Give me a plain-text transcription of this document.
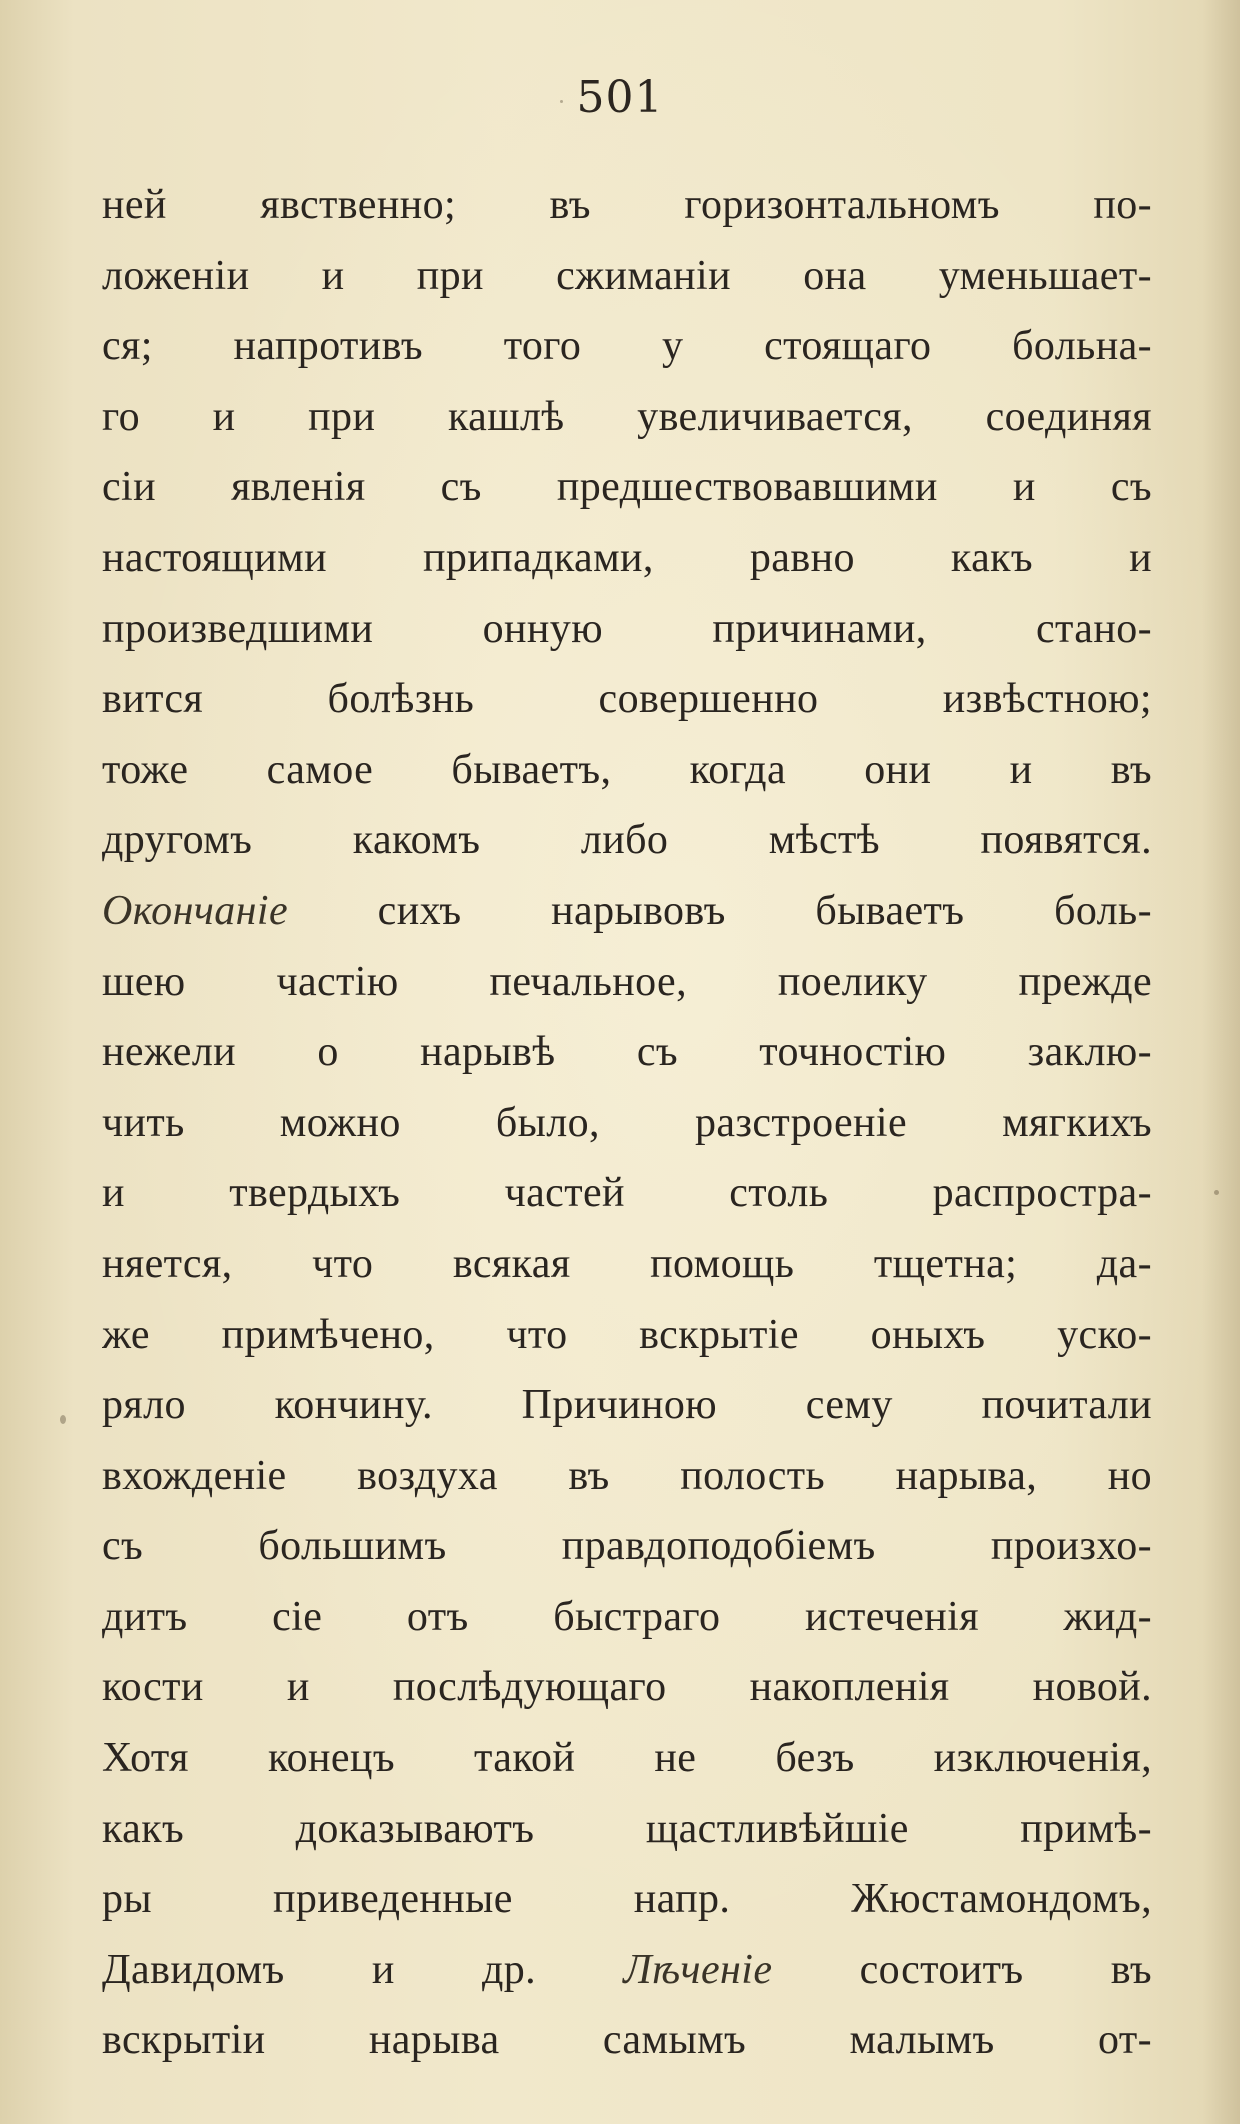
501
ней явственно; въ горизонтальномъ по-
ложеніи и при сжиманіи она уменьшает-
ся; напротивъ того у стоящаго больна-
го и при кашлѣ увеличивается, соединяя
сіи явленія съ предшествовавшими и съ
настоящими припадками, равно какъ и
произведшими онную причинами, стано-
вится болѣзнь совершенно извѣстною;
тоже самое бываетъ, когда они и въ
другомъ какомъ либо мѣстѣ появятся.
Окончаніе сихъ нарывовъ бываетъ боль-
шею частію печальное, поелику прежде
нежели о нарывѣ съ точностію заклю-
чить можно было, разстроеніе мягкихъ
и твердыхъ частей столь распростра-
няется, что всякая помощь тщетна; да-
же примѣчено, что вскрытіе оныхъ уско-
ряло кончину. Причиною сему почитали
вхожденіе воздуха въ полость нарыва, но
съ большимъ правдоподобіемъ произхо-
дитъ сіе отъ быстраго истеченія жид-
кости и послѣдующаго накопленія новой.
Хотя конецъ такой не безъ изключенія,
какъ доказываютъ щастливѣйшіе примѣ-
ры приведенные напр. Жюстамондомъ,
Давидомъ и др. Лѣченіе состоитъ въ
вскрытіи нарыва самымъ малымъ от-
